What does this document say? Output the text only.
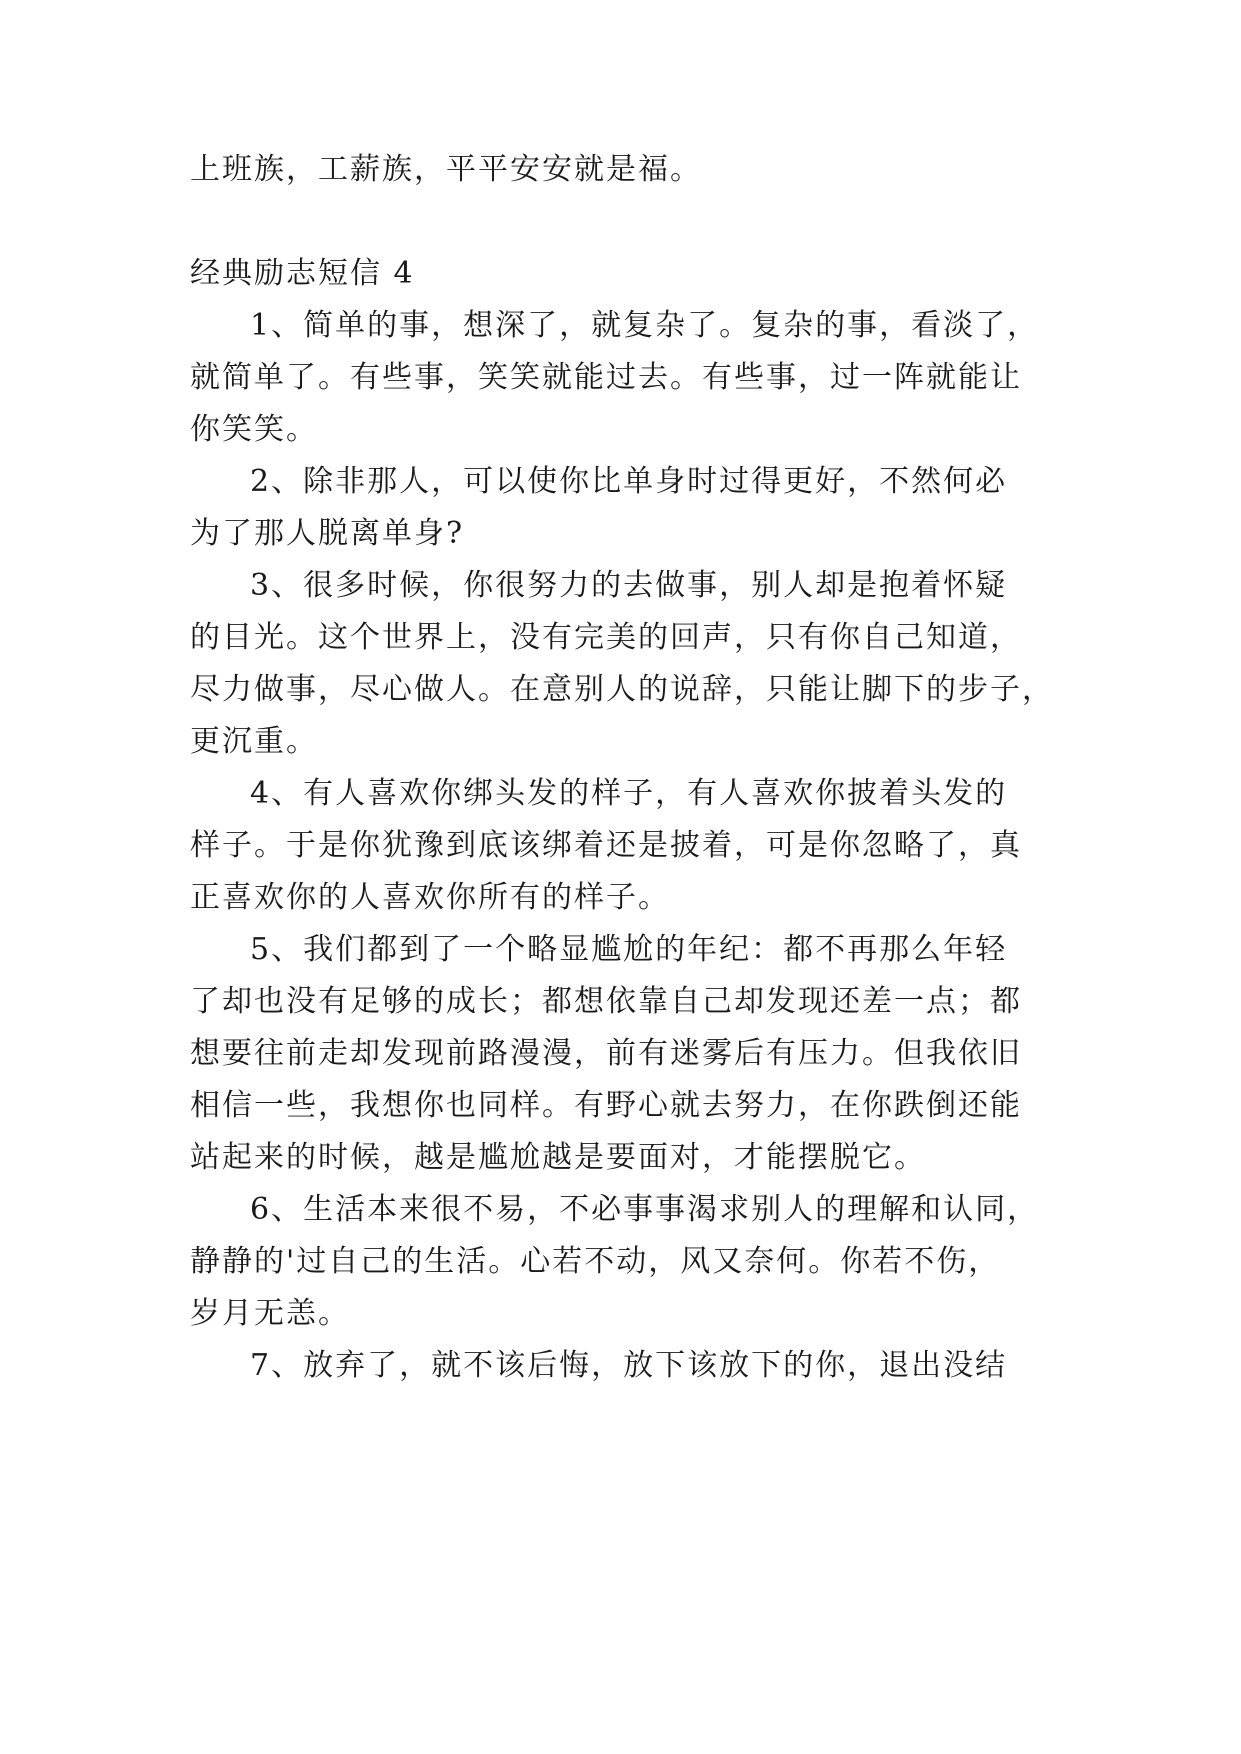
上班族，工薪族，平平安安就是福。
经典励志短信 4
1、简单的事，想深了，就复杂了。复杂的事，看淡了，
就简单了。有些事，笑笑就能过去。有些事，过一阵就能让
你笑笑。
2、除非那人，可以使你比单身时过得更好，不然何必
为了那人脱离单身?
3、很多时候，你很努力的去做事，别人却是抱着怀疑
的目光。这个世界上，没有完美的回声，只有你自己知道，
尽力做事，尽心做人。在意别人的说辞，只能让脚下的步子，
更沉重。
4、有人喜欢你绑头发的样子，有人喜欢你披着头发的
样子。于是你犹豫到底该绑着还是披着，可是你忽略了，真
正喜欢你的人喜欢你所有的样子。
5、我们都到了一个略显尴尬的年纪：都不再那么年轻
了却也没有足够的成长；都想依靠自己却发现还差一点；都
想要往前走却发现前路漫漫，前有迷雾后有压力。但我依旧
相信一些，我想你也同样。有野心就去努力，在你跌倒还能
站起来的时候，越是尴尬越是要面对，才能摆脱它。
6、生活本来很不易，不必事事渴求别人的理解和认同，
静静的'过自己的生活。心若不动，风又奈何。你若不伤，
岁月无恙。
7、放弃了，就不该后悔，放下该放下的你，退出没结
